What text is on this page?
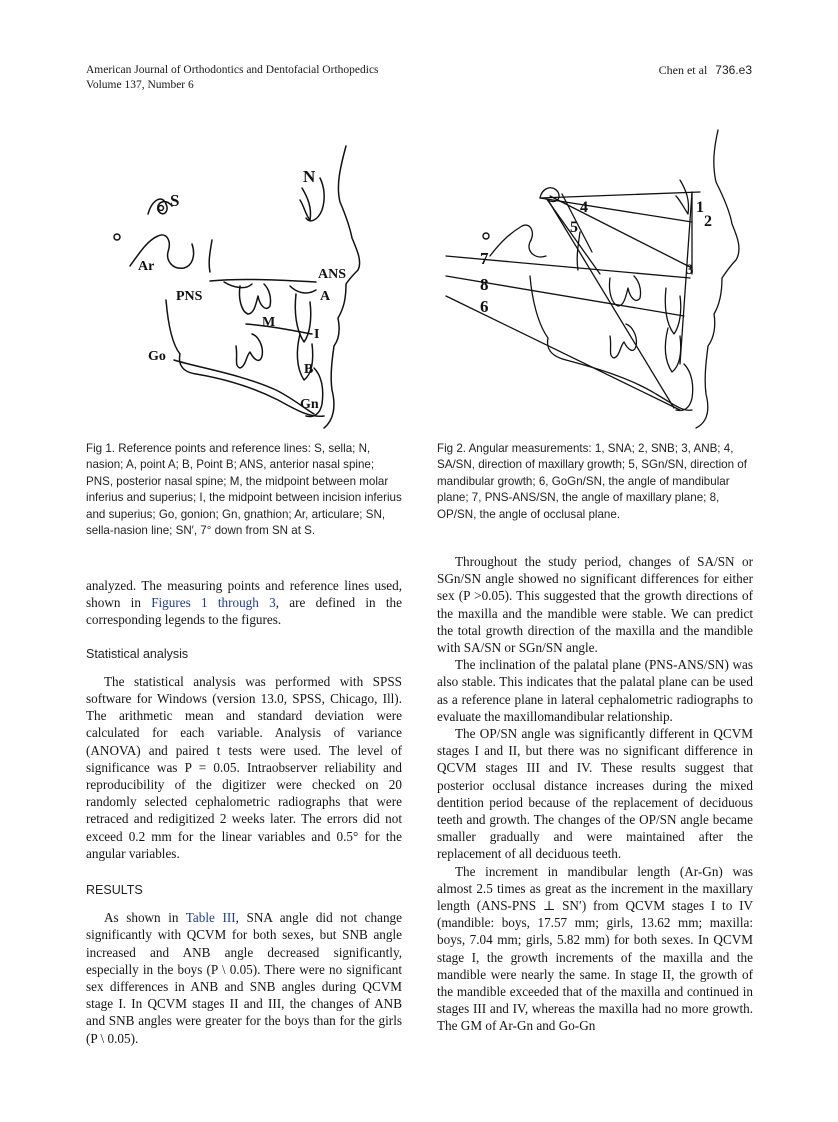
American Journal of Orthodontics and Dentofacial Orthopedics
Volume 137, Number 6
Chen et al 736.e3
S
N
Ar
PNS
ANS
A
M
I
Go
B
Gn
1
2
3
4
5
6
7
8
Fig 1. Reference points and reference lines: S, sella; N, nasion; A, point A; B, Point B; ANS, anterior nasal spine; PNS, posterior nasal spine; M, the midpoint between molar inferius and superius; I, the midpoint between incision inferius and superius; Go, gonion; Gn, gnathion; Ar, articulare; SN, sella-nasion line; SN′, 7° down from SN at S.
Fig 2. Angular measurements: 1, SNA; 2, SNB; 3, ANB; 4, SA/SN, direction of maxillary growth; 5, SGn/SN, direction of mandibular growth; 6, GoGn/SN, the angle of mandibular plane; 7, PNS-ANS/SN, the angle of maxillary plane; 8, OP/SN, the angle of occlusal plane.

analyzed. The measuring points and reference lines used, shown in Figures 1 through 3, are defined in the corresponding legends to the figures.

Statistical analysis

The statistical analysis was performed with SPSS software for Windows (version 13.0, SPSS, Chicago, Ill). The arithmetic mean and standard deviation were calculated for each variable. Analysis of variance (ANOVA) and paired t tests were used. The level of significance was P = 0.05. Intraobserver reliability and reproducibility of the digitizer were checked on 20 randomly selected cephalometric radiographs that were retraced and redigitized 2 weeks later. The errors did not exceed 0.2 mm for the linear variables and 0.5° for the angular variables.

RESULTS

As shown in Table III, SNA angle did not change significantly with QCVM for both sexes, but SNB angle increased and ANB angle decreased significantly, especially in the boys (P \ 0.05). There were no significant sex differences in ANB and SNB angles during QCVM stage I. In QCVM stages II and III, the changes of ANB and SNB angles were greater for the boys than for the girls (P \ 0.05).

Throughout the study period, changes of SA/SN or SGn/SN angle showed no significant differences for either sex (P >0.05). This suggested that the growth directions of the maxilla and the mandible were stable. We can predict the total growth direction of the maxilla and the mandible with SA/SN or SGn/SN angle.

The inclination of the palatal plane (PNS-ANS/SN) was also stable. This indicates that the palatal plane can be used as a reference plane in lateral cephalometric radiographs to evaluate the maxillomandibular relationship.

The OP/SN angle was significantly different in QCVM stages I and II, but there was no significant difference in QCVM stages III and IV. These results suggest that posterior occlusal distance increases during the mixed dentition period because of the replacement of deciduous teeth and growth. The changes of the OP/SN angle became smaller gradually and were maintained after the replacement of all deciduous teeth.

The increment in mandibular length (Ar-Gn) was almost 2.5 times as great as the increment in the maxillary length (ANS-PNS ⊥ SN′) from QCVM stages I to IV (mandible: boys, 17.57 mm; girls, 13.62 mm; maxilla: boys, 7.04 mm; girls, 5.82 mm) for both sexes. In QCVM stage I, the growth increments of the maxilla and the mandible were nearly the same. In stage II, the growth of the mandible exceeded that of the maxilla and continued in stages III and IV, whereas the maxilla had no more growth. The GM of Ar-Gn and Go-Gn
